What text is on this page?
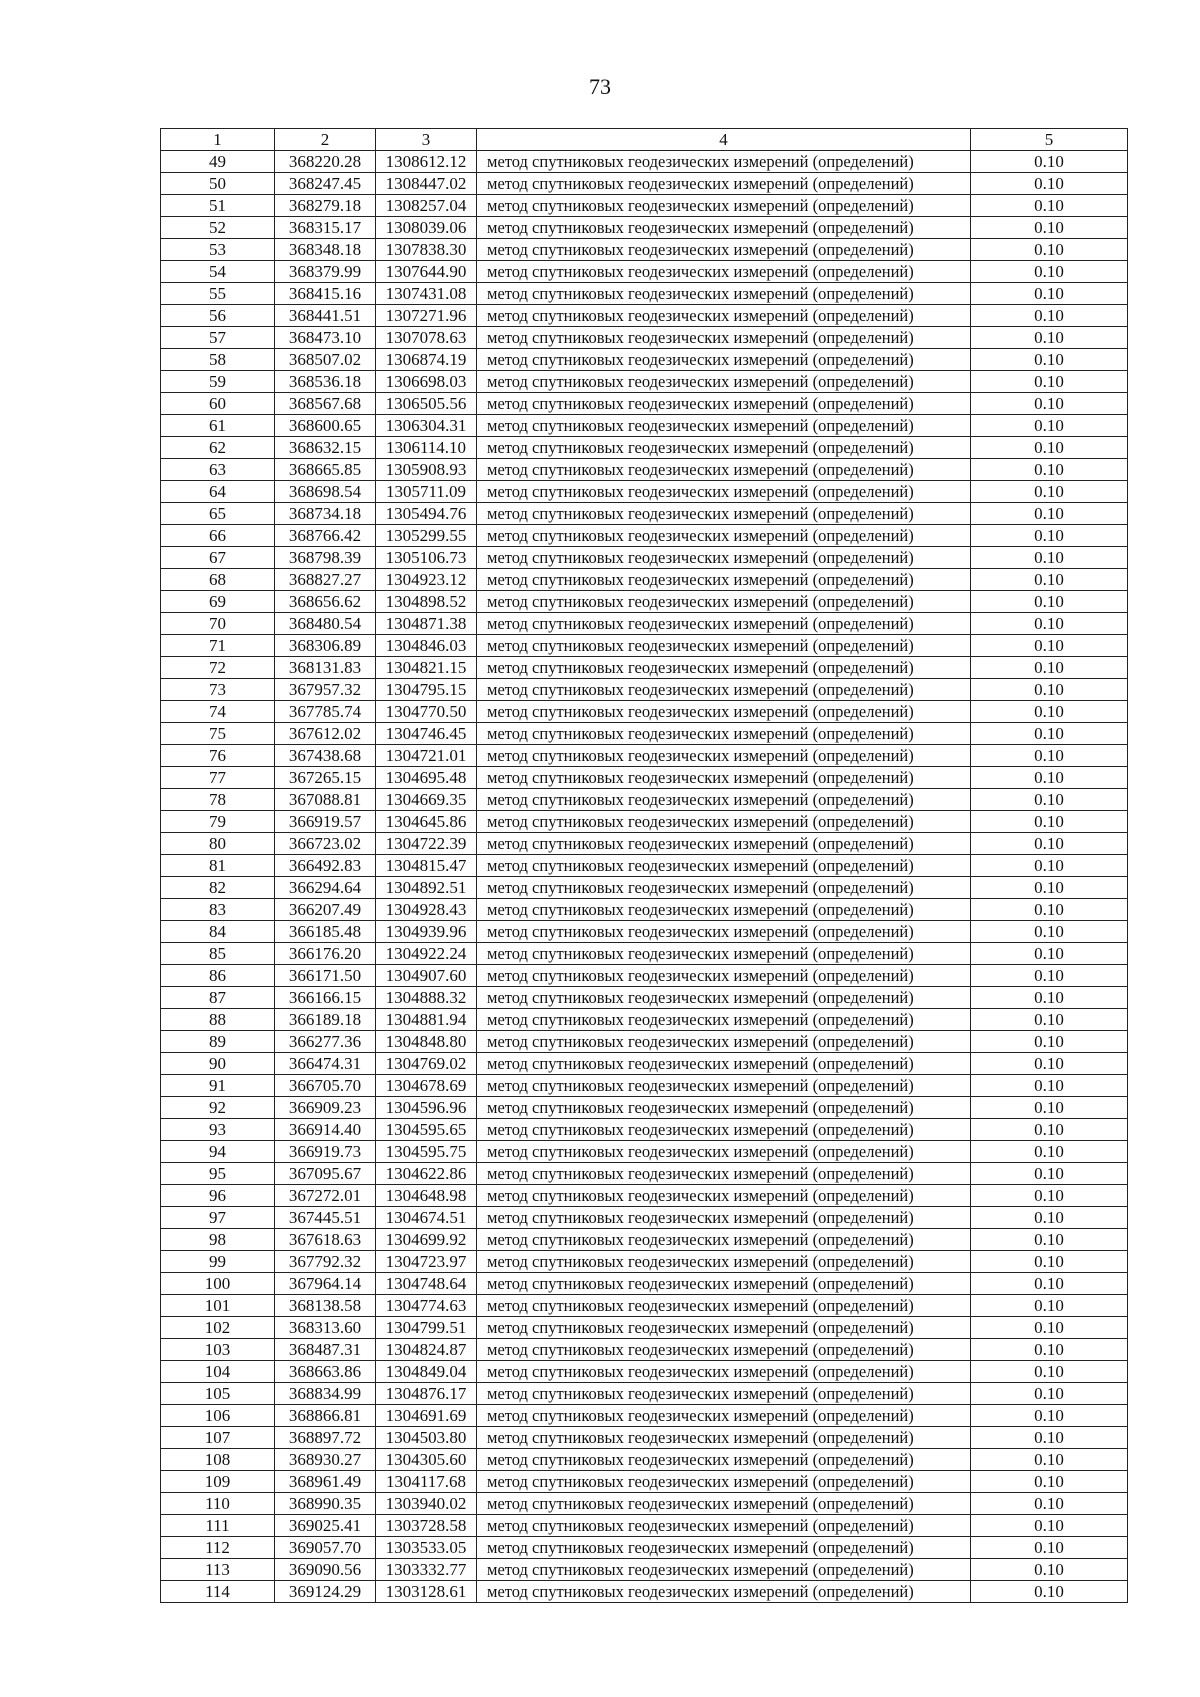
73
1	2	3	4	5
49	368220.28	1308612.12	метод спутниковых геодезических измерений (определений)	0.10
50	368247.45	1308447.02	метод спутниковых геодезических измерений (определений)	0.10
51	368279.18	1308257.04	метод спутниковых геодезических измерений (определений)	0.10
52	368315.17	1308039.06	метод спутниковых геодезических измерений (определений)	0.10
53	368348.18	1307838.30	метод спутниковых геодезических измерений (определений)	0.10
54	368379.99	1307644.90	метод спутниковых геодезических измерений (определений)	0.10
55	368415.16	1307431.08	метод спутниковых геодезических измерений (определений)	0.10
56	368441.51	1307271.96	метод спутниковых геодезических измерений (определений)	0.10
57	368473.10	1307078.63	метод спутниковых геодезических измерений (определений)	0.10
58	368507.02	1306874.19	метод спутниковых геодезических измерений (определений)	0.10
59	368536.18	1306698.03	метод спутниковых геодезических измерений (определений)	0.10
60	368567.68	1306505.56	метод спутниковых геодезических измерений (определений)	0.10
61	368600.65	1306304.31	метод спутниковых геодезических измерений (определений)	0.10
62	368632.15	1306114.10	метод спутниковых геодезических измерений (определений)	0.10
63	368665.85	1305908.93	метод спутниковых геодезических измерений (определений)	0.10
64	368698.54	1305711.09	метод спутниковых геодезических измерений (определений)	0.10
65	368734.18	1305494.76	метод спутниковых геодезических измерений (определений)	0.10
66	368766.42	1305299.55	метод спутниковых геодезических измерений (определений)	0.10
67	368798.39	1305106.73	метод спутниковых геодезических измерений (определений)	0.10
68	368827.27	1304923.12	метод спутниковых геодезических измерений (определений)	0.10
69	368656.62	1304898.52	метод спутниковых геодезических измерений (определений)	0.10
70	368480.54	1304871.38	метод спутниковых геодезических измерений (определений)	0.10
71	368306.89	1304846.03	метод спутниковых геодезических измерений (определений)	0.10
72	368131.83	1304821.15	метод спутниковых геодезических измерений (определений)	0.10
73	367957.32	1304795.15	метод спутниковых геодезических измерений (определений)	0.10
74	367785.74	1304770.50	метод спутниковых геодезических измерений (определений)	0.10
75	367612.02	1304746.45	метод спутниковых геодезических измерений (определений)	0.10
76	367438.68	1304721.01	метод спутниковых геодезических измерений (определений)	0.10
77	367265.15	1304695.48	метод спутниковых геодезических измерений (определений)	0.10
78	367088.81	1304669.35	метод спутниковых геодезических измерений (определений)	0.10
79	366919.57	1304645.86	метод спутниковых геодезических измерений (определений)	0.10
80	366723.02	1304722.39	метод спутниковых геодезических измерений (определений)	0.10
81	366492.83	1304815.47	метод спутниковых геодезических измерений (определений)	0.10
82	366294.64	1304892.51	метод спутниковых геодезических измерений (определений)	0.10
83	366207.49	1304928.43	метод спутниковых геодезических измерений (определений)	0.10
84	366185.48	1304939.96	метод спутниковых геодезических измерений (определений)	0.10
85	366176.20	1304922.24	метод спутниковых геодезических измерений (определений)	0.10
86	366171.50	1304907.60	метод спутниковых геодезических измерений (определений)	0.10
87	366166.15	1304888.32	метод спутниковых геодезических измерений (определений)	0.10
88	366189.18	1304881.94	метод спутниковых геодезических измерений (определений)	0.10
89	366277.36	1304848.80	метод спутниковых геодезических измерений (определений)	0.10
90	366474.31	1304769.02	метод спутниковых геодезических измерений (определений)	0.10
91	366705.70	1304678.69	метод спутниковых геодезических измерений (определений)	0.10
92	366909.23	1304596.96	метод спутниковых геодезических измерений (определений)	0.10
93	366914.40	1304595.65	метод спутниковых геодезических измерений (определений)	0.10
94	366919.73	1304595.75	метод спутниковых геодезических измерений (определений)	0.10
95	367095.67	1304622.86	метод спутниковых геодезических измерений (определений)	0.10
96	367272.01	1304648.98	метод спутниковых геодезических измерений (определений)	0.10
97	367445.51	1304674.51	метод спутниковых геодезических измерений (определений)	0.10
98	367618.63	1304699.92	метод спутниковых геодезических измерений (определений)	0.10
99	367792.32	1304723.97	метод спутниковых геодезических измерений (определений)	0.10
100	367964.14	1304748.64	метод спутниковых геодезических измерений (определений)	0.10
101	368138.58	1304774.63	метод спутниковых геодезических измерений (определений)	0.10
102	368313.60	1304799.51	метод спутниковых геодезических измерений (определений)	0.10
103	368487.31	1304824.87	метод спутниковых геодезических измерений (определений)	0.10
104	368663.86	1304849.04	метод спутниковых геодезических измерений (определений)	0.10
105	368834.99	1304876.17	метод спутниковых геодезических измерений (определений)	0.10
106	368866.81	1304691.69	метод спутниковых геодезических измерений (определений)	0.10
107	368897.72	1304503.80	метод спутниковых геодезических измерений (определений)	0.10
108	368930.27	1304305.60	метод спутниковых геодезических измерений (определений)	0.10
109	368961.49	1304117.68	метод спутниковых геодезических измерений (определений)	0.10
110	368990.35	1303940.02	метод спутниковых геодезических измерений (определений)	0.10
111	369025.41	1303728.58	метод спутниковых геодезических измерений (определений)	0.10
112	369057.70	1303533.05	метод спутниковых геодезических измерений (определений)	0.10
113	369090.56	1303332.77	метод спутниковых геодезических измерений (определений)	0.10
114	369124.29	1303128.61	метод спутниковых геодезических измерений (определений)	0.10
